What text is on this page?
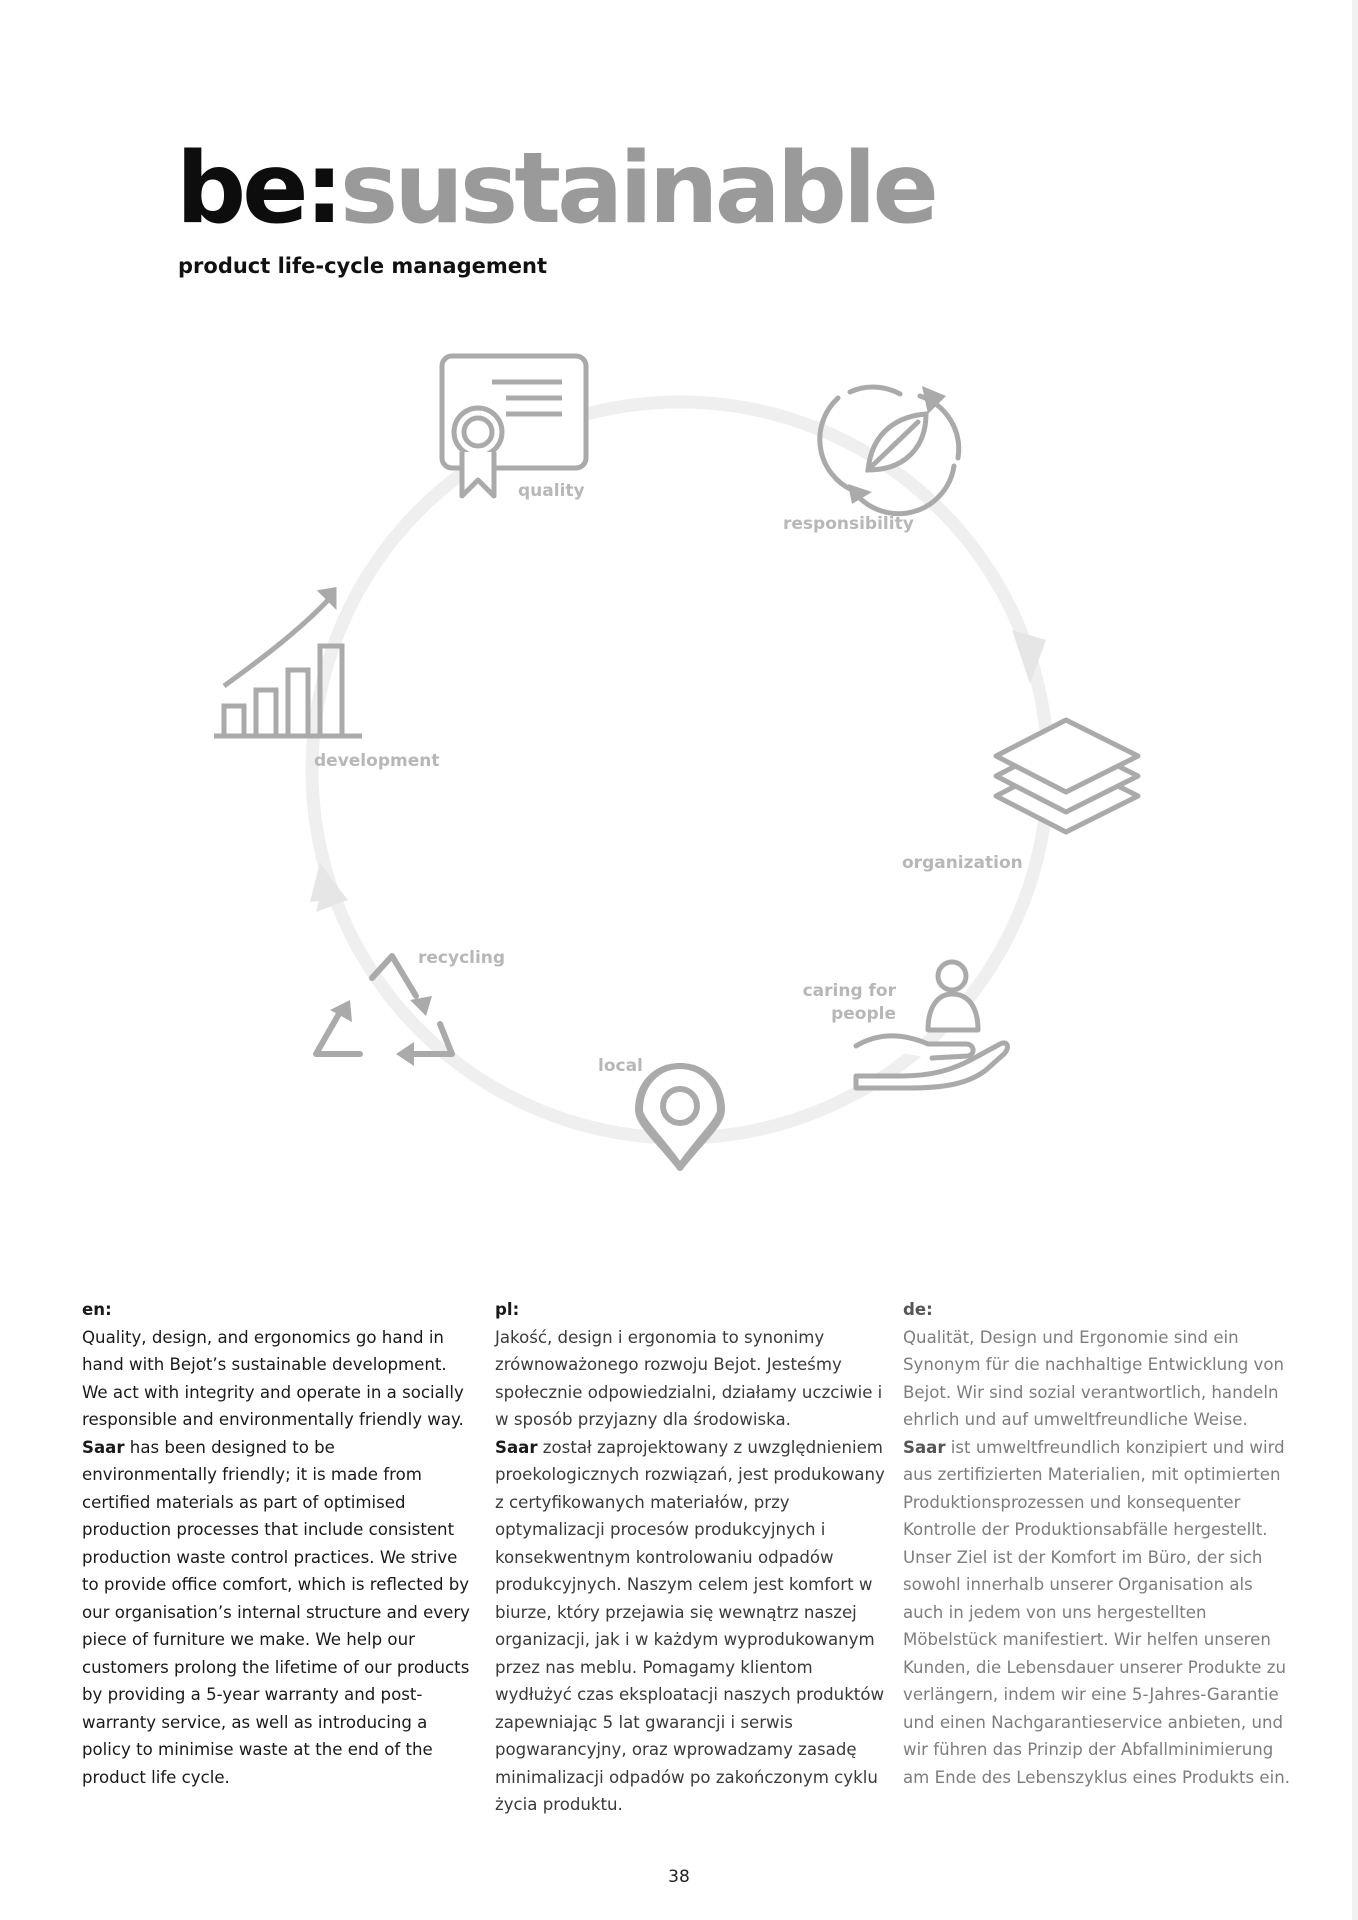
be:sustainable
product life-cycle management
quality
responsibility
development
organization
recycling
caring for
people
local
en:

Quality, design, and ergonomics go hand in hand with Bejot’s sustainable development. We act with integrity and operate in a socially responsible and environmentally friendly way.

Saar has been designed to be environmentally friendly; it is made from certified materials as part of optimised production processes that include consistent production waste control practices. We strive to provide office comfort, which is reflected by our organisation’s internal structure and every piece of furniture we make. We help our customers prolong the lifetime of our products by providing a 5-year warranty and post-warranty service, as well as introducing a policy to minimise waste at the end of the product life cycle.

pl:

Jakość, design i ergonomia to synonimy zrównoważonego rozwoju Bejot. Jesteśmy społecznie odpowiedzialni, działamy uczciwie i w sposób przyjazny dla środowiska.

Saar został zaprojektowany z uwzględnieniem proekologicznych rozwiązań, jest produkowany z certyfikowanych materiałów, przy optymalizacji procesów produkcyjnych i konsekwentnym kontrolowaniu odpadów produkcyjnych. Naszym celem jest komfort w biurze, który przejawia się wewnątrz naszej organizacji, jak i w każdym wyprodukowanym przez nas meblu. Pomagamy klientom wydłużyć czas eksploatacji naszych produktów zapewniając 5 lat gwarancji i serwis pogwarancyjny, oraz wprowadzamy zasadę minimalizacji odpadów po zakończonym cyklu życia produktu.

de:

Qualität, Design und Ergonomie sind ein Synonym für die nachhaltige Entwicklung von Bejot. Wir sind sozial verantwortlich, handeln ehrlich und auf umweltfreundliche Weise.

Saar ist umweltfreundlich konzipiert und wird aus zertifizierten Materialien, mit optimierten Produktionsprozessen und konsequenter Kontrolle der Produktionsabfälle hergestellt. Unser Ziel ist der Komfort im Büro, der sich sowohl innerhalb unserer Organisation als auch in jedem von uns hergestellten Möbelstück manifestiert. Wir helfen unseren Kunden, die Lebensdauer unserer Produkte zu verlängern, indem wir eine 5-Jahres-Garantie und einen Nachgarantieservice anbieten, und wir führen das Prinzip der Abfallminimierung am Ende des Lebenszyklus eines Produkts ein.

38
